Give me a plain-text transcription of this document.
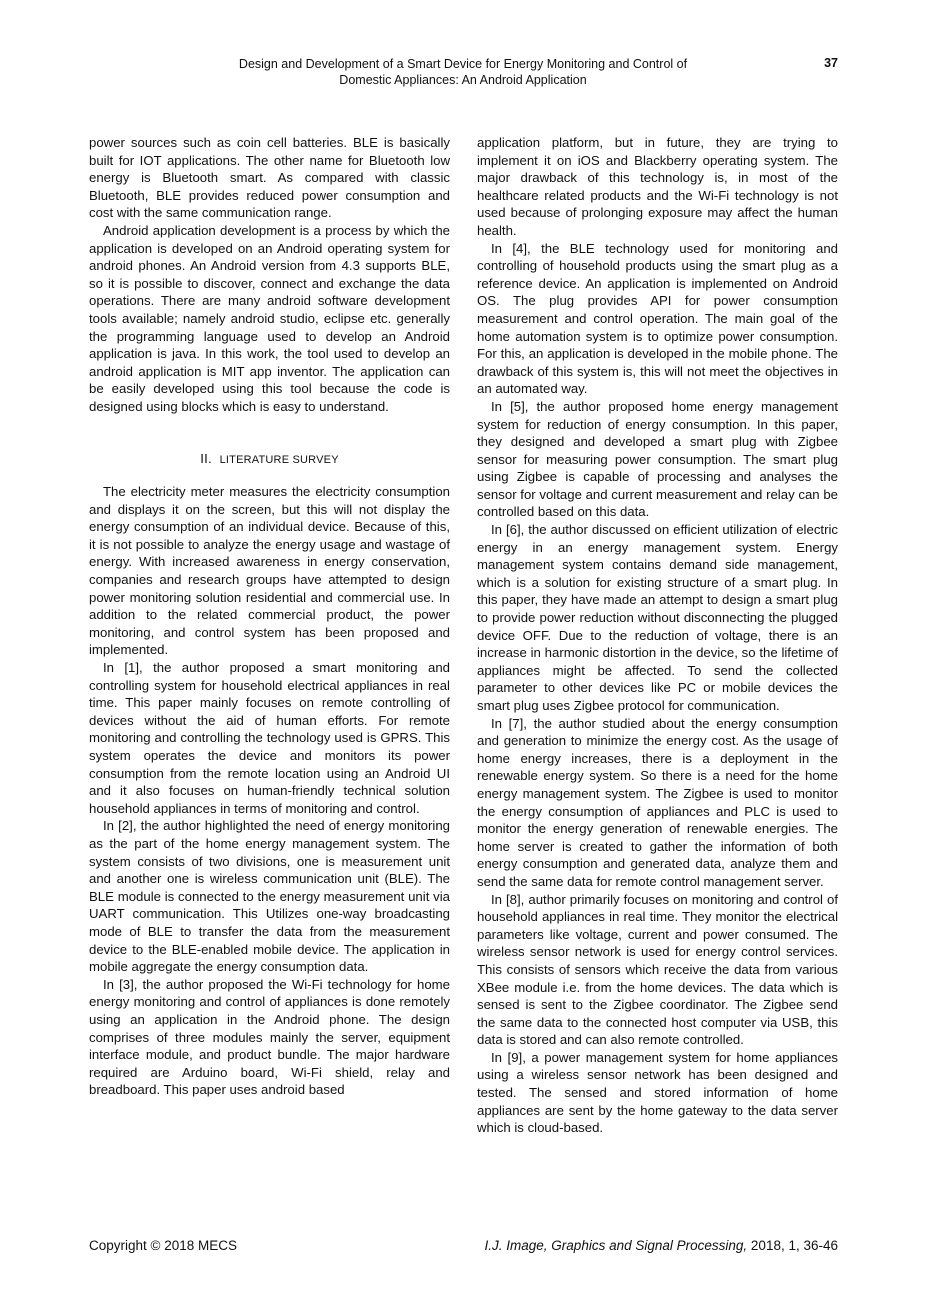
Design and Development of a Smart Device for Energy Monitoring and Control of
Domestic Appliances: An Android Application
37

power sources such as coin cell batteries. BLE is basically built for IOT applications. The other name for Bluetooth low energy is Bluetooth smart. As compared with classic Bluetooth, BLE provides reduced power consumption and cost with the same communication range.

Android application development is a process by which the application is developed on an Android operating system for android phones. An Android version from 4.3 supports BLE, so it is possible to discover, connect and exchange the data operations. There are many android software development tools available; namely android studio, eclipse etc. generally the programming language used to develop an Android application is java. In this work, the tool used to develop an android application is MIT app inventor. The application can be easily developed using this tool because the code is designed using blocks which is easy to understand.

II. LITERATURE SURVEY

The electricity meter measures the electricity consumption and displays it on the screen, but this will not display the energy consumption of an individual device. Because of this, it is not possible to analyze the energy usage and wastage of energy. With increased awareness in energy conservation, companies and research groups have attempted to design power monitoring solution residential and commercial use. In addition to the related commercial product, the power monitoring, and control system has been proposed and implemented.

In [1], the author proposed a smart monitoring and controlling system for household electrical appliances in real time. This paper mainly focuses on remote controlling of devices without the aid of human efforts. For remote monitoring and controlling the technology used is GPRS. This system operates the device and monitors its power consumption from the remote location using an Android UI and it also focuses on human-friendly technical solution household appliances in terms of monitoring and control.

In [2], the author highlighted the need of energy monitoring as the part of the home energy management system. The system consists of two divisions, one is measurement unit and another one is wireless communication unit (BLE). The BLE module is connected to the energy measurement unit via UART communication. This Utilizes one-way broadcasting mode of BLE to transfer the data from the measurement device to the BLE-enabled mobile device. The application in mobile aggregate the energy consumption data.

In [3], the author proposed the Wi-Fi technology for home energy monitoring and control of appliances is done remotely using an application in the Android phone. The design comprises of three modules mainly the server, equipment interface module, and product bundle. The major hardware required are Arduino board, Wi-Fi shield, relay and breadboard. This paper uses android based

application platform, but in future, they are trying to implement it on iOS and Blackberry operating system. The major drawback of this technology is, in most of the healthcare related products and the Wi-Fi technology is not used because of prolonging exposure may affect the human health.

In [4], the BLE technology used for monitoring and controlling of household products using the smart plug as a reference device. An application is implemented on Android OS. The plug provides API for power consumption measurement and control operation. The main goal of the home automation system is to optimize power consumption. For this, an application is developed in the mobile phone. The drawback of this system is, this will not meet the objectives in an automated way.

In [5], the author proposed home energy management system for reduction of energy consumption. In this paper, they designed and developed a smart plug with Zigbee sensor for measuring power consumption. The smart plug using Zigbee is capable of processing and analyses the sensor for voltage and current measurement and relay can be controlled based on this data.

In [6], the author discussed on efficient utilization of electric energy in an energy management system. Energy management system contains demand side management, which is a solution for existing structure of a smart plug. In this paper, they have made an attempt to design a smart plug to provide power reduction without disconnecting the plugged device OFF. Due to the reduction of voltage, there is an increase in harmonic distortion in the device, so the lifetime of appliances might be affected. To send the collected parameter to other devices like PC or mobile devices the smart plug uses Zigbee protocol for communication.

In [7], the author studied about the energy consumption and generation to minimize the energy cost. As the usage of home energy increases, there is a deployment in the renewable energy system. So there is a need for the home energy management system. The Zigbee is used to monitor the energy consumption of appliances and PLC is used to monitor the energy generation of renewable energies. The home server is created to gather the information of both energy consumption and generated data, analyze them and send the same data for remote control management server.

In [8], author primarily focuses on monitoring and control of household appliances in real time. They monitor the electrical parameters like voltage, current and power consumed. The wireless sensor network is used for energy control services. This consists of sensors which receive the data from various XBee module i.e. from the home devices. The data which is sensed is sent to the Zigbee coordinator. The Zigbee send the same data to the connected host computer via USB, this data is stored and can also remote controlled.

In [9], a power management system for home appliances using a wireless sensor network has been designed and tested. The sensed and stored information of home appliances are sent by the home gateway to the data server which is cloud-based.

Copyright © 2018 MECS	I.J. Image, Graphics and Signal Processing, 2018, 1, 36-46
